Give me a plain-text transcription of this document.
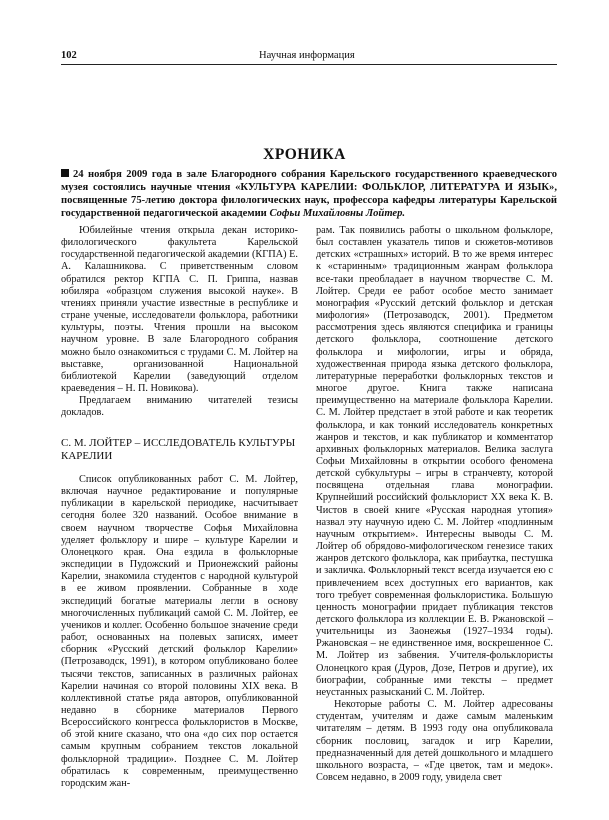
102	Научная информация
ХРОНИКА
24 ноября 2009 года в зале Благородного собрания Карельского государственного краеведческого музея состоялись научные чтения «КУЛЬТУРА КАРЕЛИИ: ФОЛЬКЛОР, ЛИТЕРАТУРА И ЯЗЫК», посвященные 75-летию доктора филологических наук, профессора кафедры литературы Карельской государственной педагогической академии Софьи Михайловны Лойтер.

Юбилейные чтения открыла декан историко-филологического факультета Карельской государственной педагогической академии (КГПА) Е. А. Калашникова. С приветственным словом обратился ректор КГПА С. П. Гриппа, назвав юбиляра «образцом служения высокой науке». В чтениях приняли участие известные в республике и стране ученые, исследователи фольклора, работники культуры, поэты. Чтения прошли на высоком научном уровне. В зале Благородного собрания можно было ознакомиться с трудами С. М. Лойтер на выставке, организованной Национальной библиотекой Карелии (заведующий отделом краеведения – Н. П. Новикова).

Предлагаем вниманию читателей тезисы докладов.

С. М. ЛОЙТЕР – ИССЛЕДОВАТЕЛЬ КУЛЬТУРЫ КАРЕЛИИ

Список опубликованных работ С. М. Лойтер, включая научное редактирование и популярные публикации в карельской периодике, насчитывает сегодня более 320 названий. Особое внимание в своем научном творчестве Софья Михайловна уделяет фольклору и шире – культуре Карелии и Олонецкого края. Она ездила в фольклорные экспедиции в Пудожский и Прионежский районы Карелии, знакомила студентов с народной культурой в ее живом проявлении. Собранные в ходе экспедиций богатые материалы легли в основу многочисленных публикаций самой С. М. Лойтер, ее учеников и коллег. Особенно большое значение среди работ, основанных на полевых записях, имеет сборник «Русский детский фольклор Карелии» (Петрозаводск, 1991), в котором опубликовано более тысячи текстов, записанных в различных районах Карелии начиная со второй половины XIX века. В коллективной статье ряда авторов, опубликованной недавно в сборнике материалов Первого Всероссийского конгресса фольклористов в Москве, об этой книге сказано, что она «до сих пор остается самым крупным собранием текстов локальной фольклорной традиции». Позднее С. М. Лойтер обратилась к современным, преимущественно городским жан-

рам. Так появились работы о школьном фольклоре, был составлен указатель типов и сюжетов-мотивов детских «страшных» историй. В то же время интерес к «старинным» традиционным жанрам фольклора все-таки преобладает в научном творчестве С. М. Лойтер. Среди ее работ особое место занимает монография «Русский детский фольклор и детская мифология» (Петрозаводск, 2001). Предметом рассмотрения здесь являются специфика и границы детского фольклора, соотношение детского фольклора и мифологии, игры и обряда, художественная природа языка детского фольклора, литературные переработки фольклорных текстов и многое другое. Книга также написана преимущественно на материале фольклора Карелии. С. М. Лойтер предстает в этой работе и как теоретик фольклора, и как тонкий исследователь конкретных жанров и текстов, и как публикатор и комментатор архивных фольклорных материалов. Велика заслуга Софьи Михайловны в открытии особого феномена детской субкультуры – игры в странчевту, которой посвящена отдельная глава монографии. Крупнейший российский фольклорист XX века К. В. Чистов в своей книге «Русская народная утопия» назвал эту научную идею С. М. Лойтер «подлинным научным открытием». Интересны выводы С. М. Лойтер об обрядово-мифологическом генезисе таких жанров детского фольклора, как прибаутка, пестушка и закличка. Фольклорный текст всегда изучается ею с привлечением всех доступных его вариантов, как того требует современная фольклористика. Большую ценность монографии придает публикация текстов детского фольклора из коллекции Е. В. Ржановской – учительницы из Заонежья (1927–1934 годы). Ржановская – не единственное имя, воскрешенное С. М. Лойтер из забвения. Учителя-фольклористы Олонецкого края (Дуров, Дозе, Петров и другие), их биографии, собранные ими тексты – предмет неустанных разысканий С. М. Лойтер.

Некоторые работы С. М. Лойтер адресованы студентам, учителям и даже самым маленьким читателям – детям. В 1993 году она опубликовала сборник пословиц, загадок и игр Карелии, предназначенный для детей дошкольного и младшего школьного возраста, – «Где цветок, там и медок». Совсем недавно, в 2009 году, увидела свет
